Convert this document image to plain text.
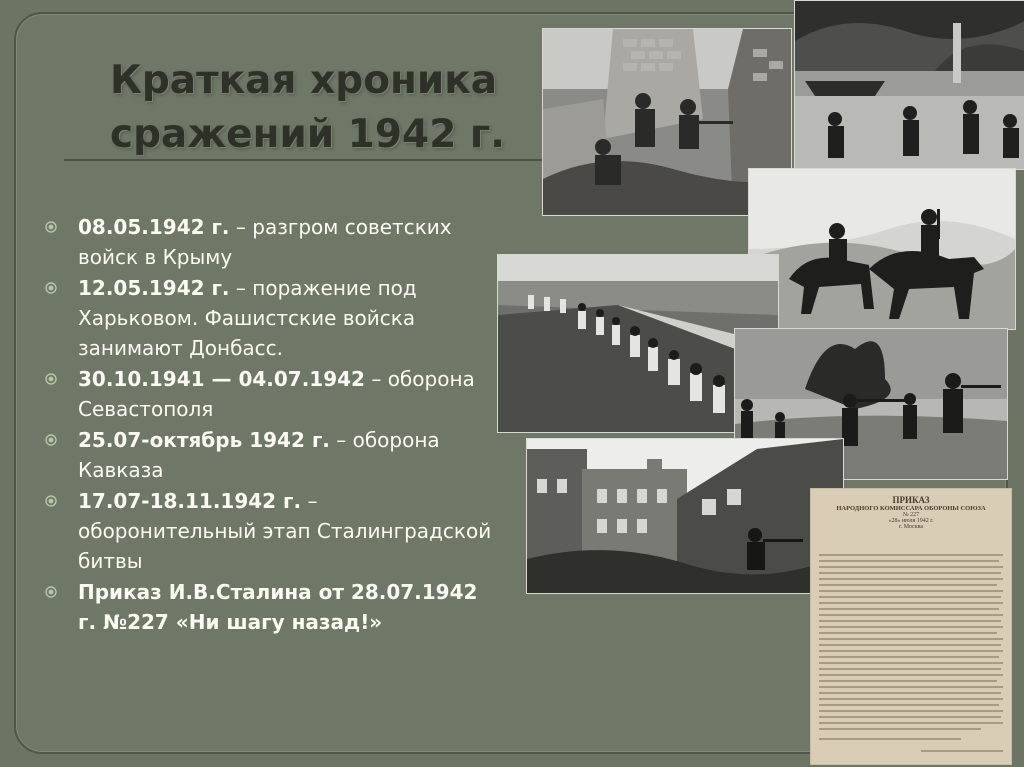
Краткая хроника
сражений 1942 г.
08.05.1942 г. – разгром советских войск в Крыму
12.05.1942 г. – поражение под Харьковом. Фашистские войска занимают Донбасс.
30.10.1941 — 04.07.1942 – оборона Севастополя
25.07-октябрь 1942 г. – оборона Кавказа
17.07-18.11.1942 г. – оборонительный этап Сталинградской битвы
Приказ И.В.Сталина от 28.07.1942 г. №227 «Ни шагу назад!»
ПРИКАЗ
НАРОДНОГО КОМИССАРА ОБОРОНЫ СОЮЗА
№ 227
«28» июля 1942 г.
г. Москва
